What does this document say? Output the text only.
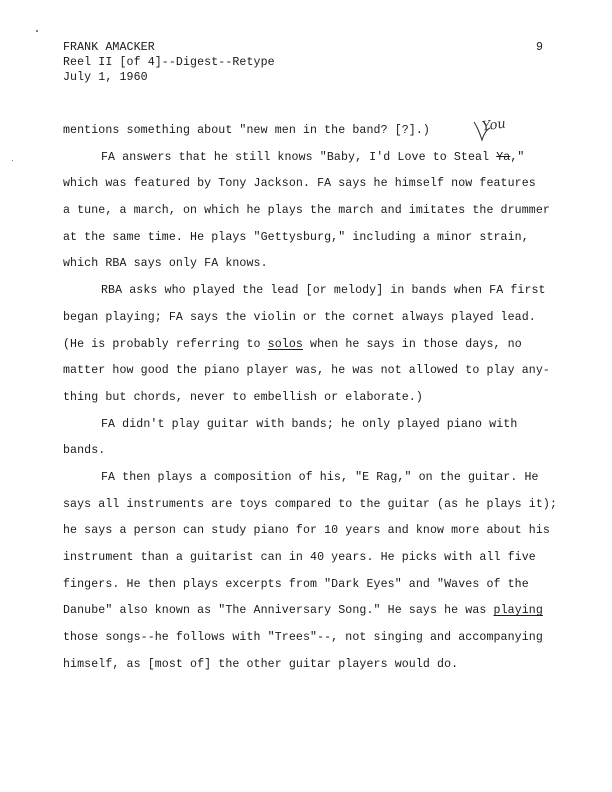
FRANK AMACKER
Reel II [of 4]--Digest--Retype
July 1, 1960
9
You
mentions something about "new men in the band? [?].)
FA answers that he still knows "Baby, I'd Love to Steal Ya,"
which was featured by Tony Jackson. FA says he himself now features
a tune, a march, on which he plays the march and imitates the drummer
at the same time. He plays "Gettysburg," including a minor strain,
which RBA says only FA knows.
RBA asks who played the lead [or melody] in bands when FA first
began playing; FA says the violin or the cornet always played lead.
(He is probably referring to solos when he says in those days, no
matter how good the piano player was, he was not allowed to play any-
thing but chords, never to embellish or elaborate.)
FA didn't play guitar with bands; he only played piano with
bands.
FA then plays a composition of his, "E Rag," on the guitar. He
says all instruments are toys compared to the guitar (as he plays it);
he says a person can study piano for 10 years and know more about his
instrument than a guitarist can in 40 years. He picks with all five
fingers. He then plays excerpts from "Dark Eyes" and "Waves of the
Danube" also known as "The Anniversary Song." He says he was playing
those songs--he follows with "Trees"--, not singing and accompanying
himself, as [most of] the other guitar players would do.
